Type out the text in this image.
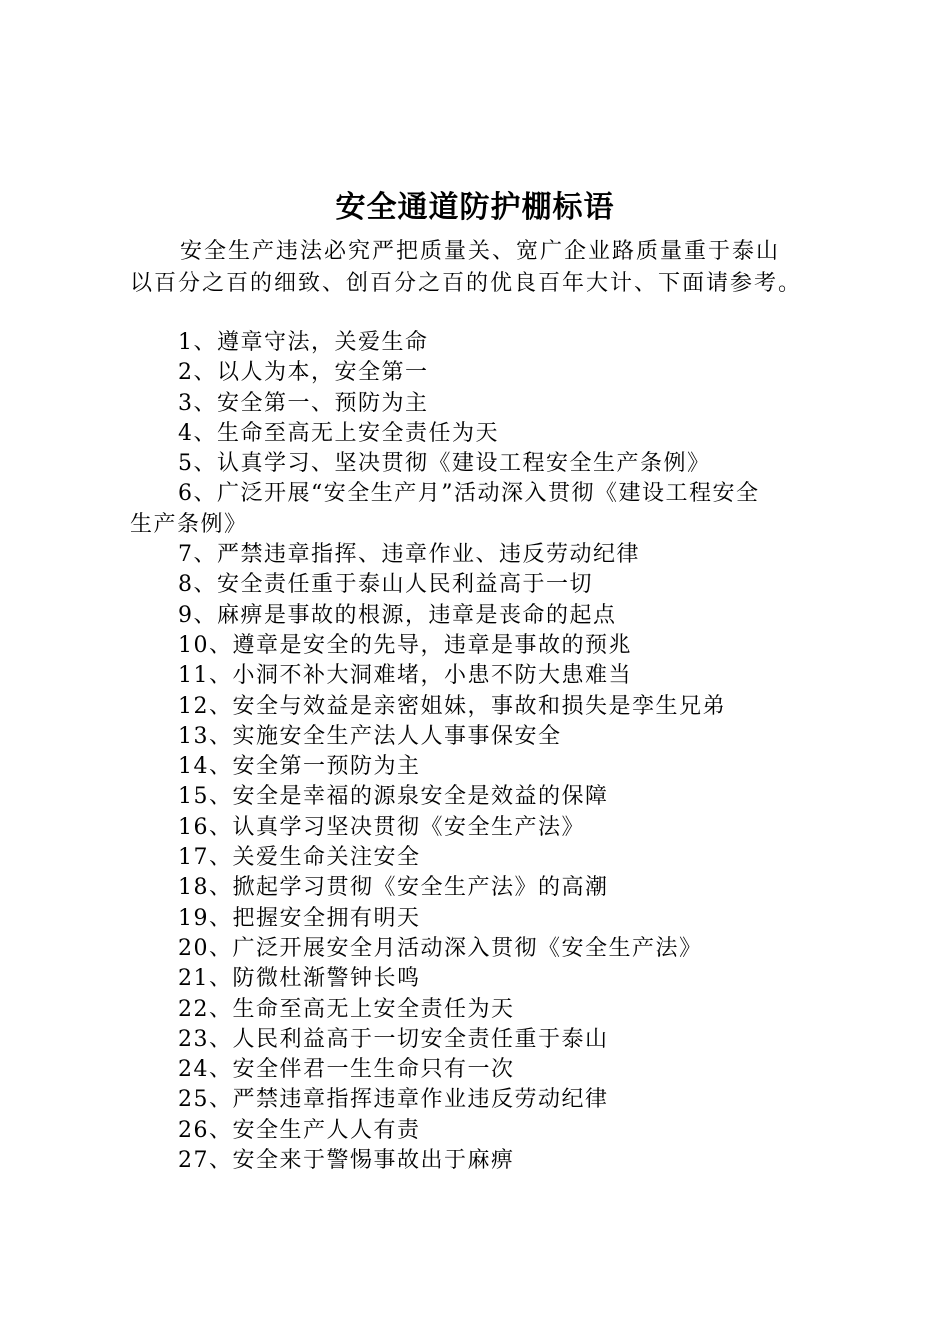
安全通道防护棚标语
安全生产违法必究严把质量关、宽广企业路质量重于泰山
以百分之百的细致、创百分之百的优良百年大计、下面请参考。
1、遵章守法，关爱生命
2、以人为本，安全第一
3、安全第一、预防为主
4、生命至高无上安全责任为天
5、认真学习、坚决贯彻《建设工程安全生产条例》
6、广泛开展“安全生产月”活动深入贯彻《建设工程安全
生产条例》
7、严禁违章指挥、违章作业、违反劳动纪律
8、安全责任重于泰山人民利益高于一切
9、麻痹是事故的根源，违章是丧命的起点
10、遵章是安全的先导，违章是事故的预兆
11、小洞不补大洞难堵，小患不防大患难当
12、安全与效益是亲密姐妹，事故和损失是孪生兄弟
13、实施安全生产法人人事事保安全
14、安全第一预防为主
15、安全是幸福的源泉安全是效益的保障
16、认真学习坚决贯彻《安全生产法》
17、关爱生命关注安全
18、掀起学习贯彻《安全生产法》的高潮
19、把握安全拥有明天
20、广泛开展安全月活动深入贯彻《安全生产法》
21、防微杜渐警钟长鸣
22、生命至高无上安全责任为天
23、人民利益高于一切安全责任重于泰山
24、安全伴君一生生命只有一次
25、严禁违章指挥违章作业违反劳动纪律
26、安全生产人人有责
27、安全来于警惕事故出于麻痹
